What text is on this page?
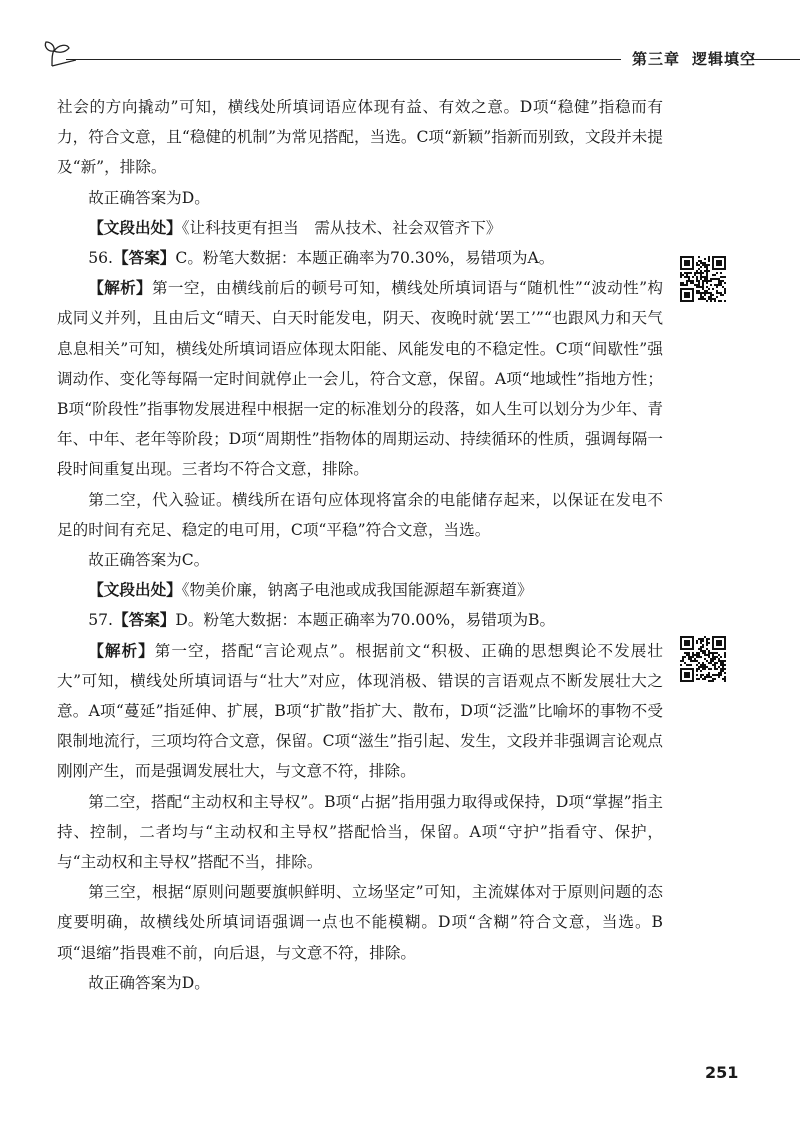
第三章 逻辑填空

社会的方向撬动”可知，横线处所填词语应体现有益、有效之意。D项“稳健”指稳而有力，符合文意，且“稳健的机制”为常见搭配，当选。C项“新颖”指新而别致，文段并未提及“新”，排除。

故正确答案为D。

【文段出处】《让科技更有担当　需从技术、社会双管齐下》

56.【答案】C。粉笔大数据：本题正确率为70.30%，易错项为A。

【解析】第一空，由横线前后的顿号可知，横线处所填词语与“随机性”“波动性”构成同义并列，且由后文“晴天、白天时能发电，阴天、夜晚时就‘罢工’”“也跟风力和天气息息相关”可知，横线处所填词语应体现太阳能、风能发电的不稳定性。C项“间歇性”强调动作、变化等每隔一定时间就停止一会儿，符合文意，保留。A项“地域性”指地方性；B项“阶段性”指事物发展进程中根据一定的标准划分的段落，如人生可以划分为少年、青年、中年、老年等阶段；D项“周期性”指物体的周期运动、持续循环的性质，强调每隔一段时间重复出现。三者均不符合文意，排除。

第二空，代入验证。横线所在语句应体现将富余的电能储存起来，以保证在发电不足的时间有充足、稳定的电可用，C项“平稳”符合文意，当选。

故正确答案为C。

【文段出处】《物美价廉，钠离子电池或成我国能源超车新赛道》

57.【答案】D。粉笔大数据：本题正确率为70.00%，易错项为B。

【解析】第一空，搭配“言论观点”。根据前文“积极、正确的思想舆论不发展壮大”可知，横线处所填词语与“壮大”对应，体现消极、错误的言语观点不断发展壮大之意。A项“蔓延”指延伸、扩展，B项“扩散”指扩大、散布，D项“泛滥”比喻坏的事物不受限制地流行，三项均符合文意，保留。C项“滋生”指引起、发生，文段并非强调言论观点刚刚产生，而是强调发展壮大，与文意不符，排除。

第二空，搭配“主动权和主导权”。B项“占据”指用强力取得或保持，D项“掌握”指主持、控制，二者均与“主动权和主导权”搭配恰当，保留。A项“守护”指看守、保护，与“主动权和主导权”搭配不当，排除。

第三空，根据“原则问题要旗帜鲜明、立场坚定”可知，主流媒体对于原则问题的态度要明确，故横线处所填词语强调一点也不能模糊。D项“含糊”符合文意，当选。B项“退缩”指畏难不前，向后退，与文意不符，排除。

故正确答案为D。

251
